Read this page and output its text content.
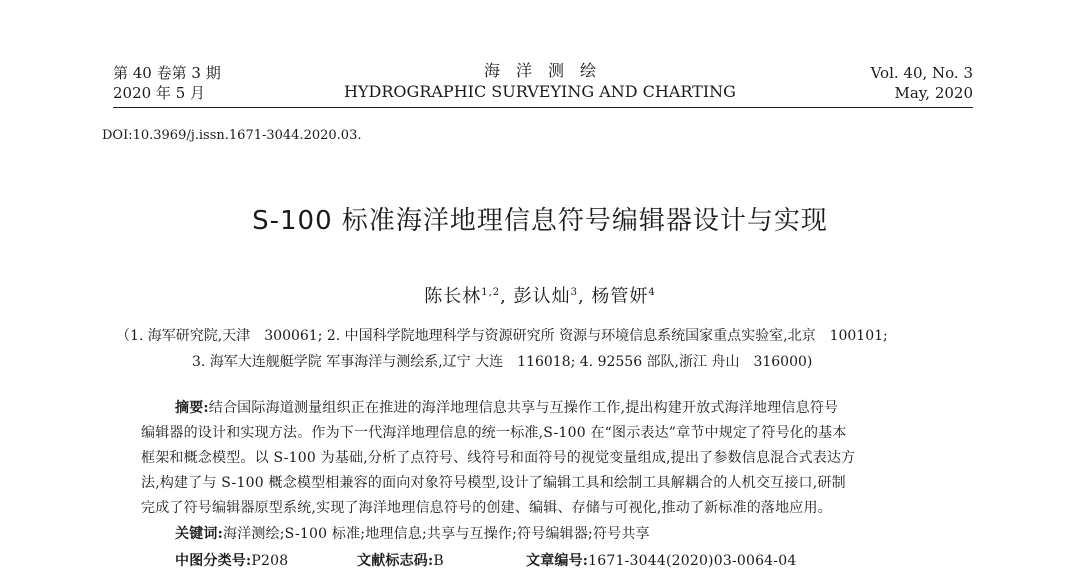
第 40 卷第 3 期
2020 年 5 月
海　洋　测　绘
HYDROGRAPHIC SURVEYING AND CHARTING
Vol. 40, No. 3
May, 2020
DOI:10.3969/j.issn.1671-3044.2020.03.
S-100 标准海洋地理信息符号编辑器设计与实现
陈长林$^{1,2}$, 彭认灿$^3$, 杨管妍$^4$
（1. 海军研究院,天津　300061; 2. 中国科学院地理科学与资源研究所 资源与环境信息系统国家重点实验室,北京　100101;
3. 海军大连舰艇学院 军事海洋与测绘系,辽宁 大连　116018; 4. 92556 部队,浙江 舟山　316000)
摘要:结合国际海道测量组织正在推进的海洋地理信息共享与互操作工作,提出构建开放式海洋地理信息符号
编辑器的设计和实现方法。作为下一代海洋地理信息的统一标准,S-100 在“图示表达”章节中规定了符号化的基本
框架和概念模型。以 S-100 为基础,分析了点符号、线符号和面符号的视觉变量组成,提出了参数信息混合式表达方
法,构建了与 S-100 概念模型相兼容的面向对象符号模型,设计了编辑工具和绘制工具解耦合的人机交互接口,研制
完成了符号编辑器原型系统,实现了海洋地理信息符号的创建、编辑、存储与可视化,推动了新标准的落地应用。
关键词:海洋测绘;S-100 标准;地理信息;共享与互操作;符号编辑器;符号共享
中图分类号:P208	文献标志码:B	文章编号:1671-3044(2020)03-0064-04
